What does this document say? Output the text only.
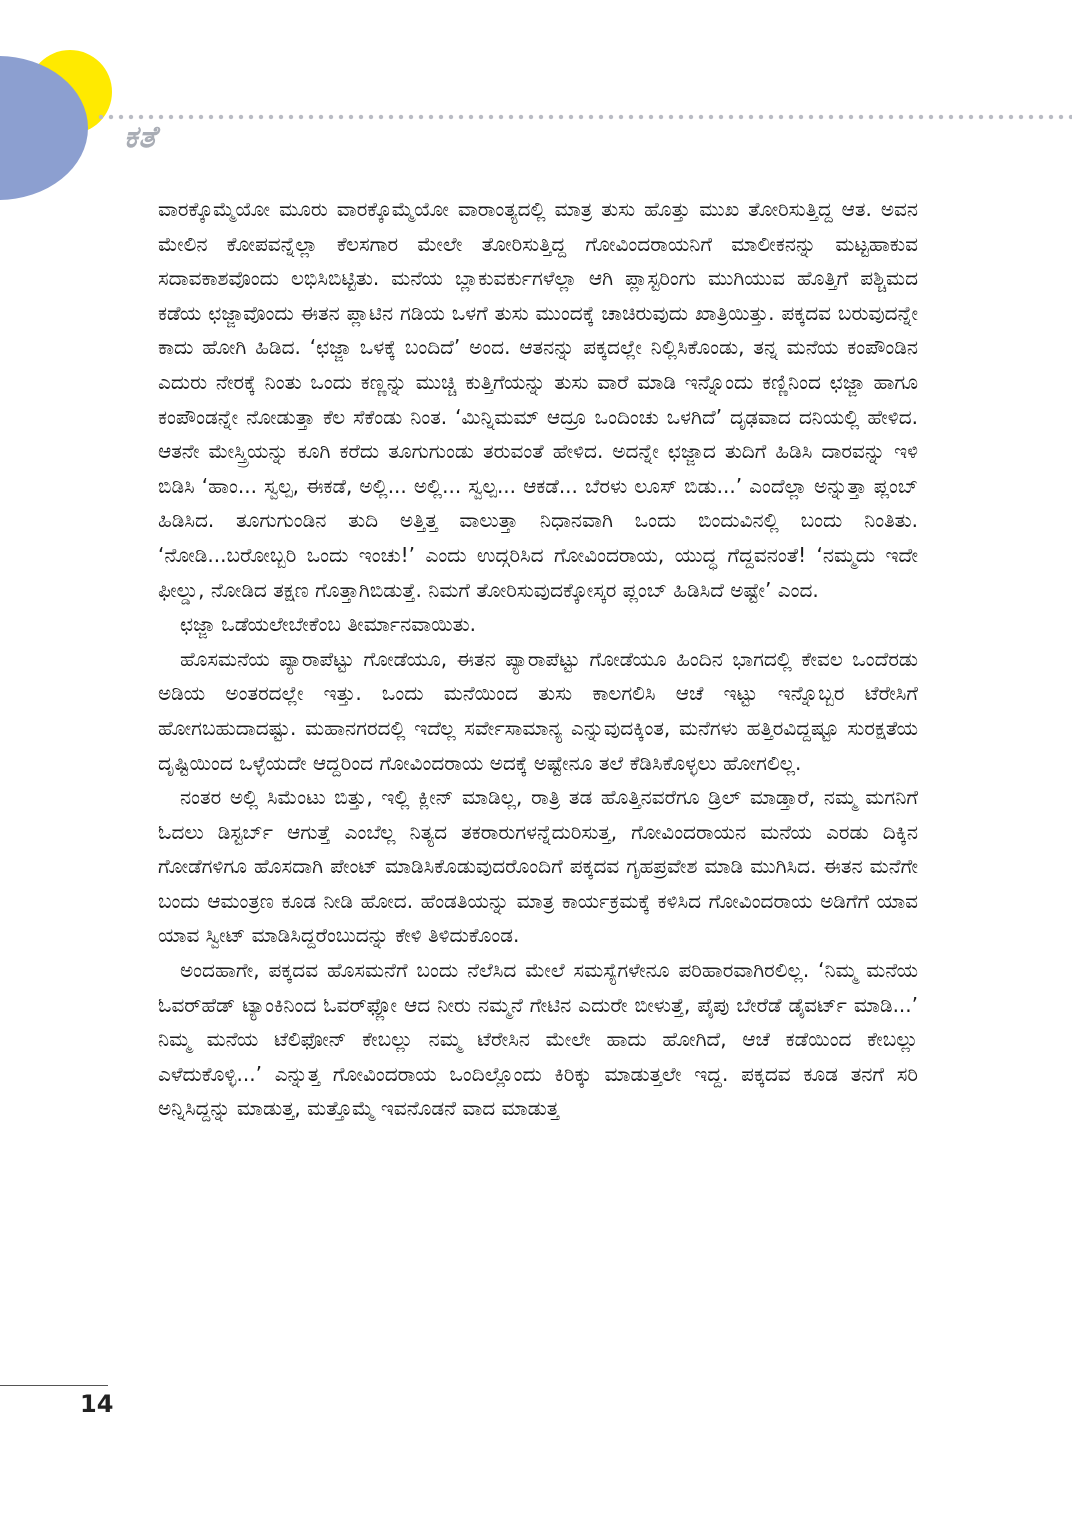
ಕತೆ

ವಾರಕ್ಕೊಮ್ಮೆಯೋ ಮೂರು ವಾರಕ್ಕೊಮ್ಮೆಯೋ ವಾರಾಂತ್ಯದಲ್ಲಿ ಮಾತ್ರ ತುಸು ಹೊತ್ತು ಮುಖ ತೋರಿಸುತ್ತಿದ್ದ ಆತ. ಅವನ ಮೇಲಿನ ಕೋಪವನ್ನೆಲ್ಲಾ ಕೆಲಸಗಾರ ಮೇಲೇ ತೋರಿಸುತ್ತಿದ್ದ ಗೋವಿಂದರಾಯನಿಗೆ ಮಾಲೀಕನನ್ನು ಮಟ್ಟಹಾಕುವ ಸದಾವಕಾಶವೊಂದು ಲಭಿಸಿಬಿಟ್ಟಿತು. ಮನೆಯ ಬ್ಲಾಕುವರ್ಕುಗಳೆಲ್ಲಾ ಆಗಿ ಪ್ಲಾಸ್ಟರಿಂಗು ಮುಗಿಯುವ ಹೊತ್ತಿಗೆ ಪಶ್ಚಿಮದ ಕಡೆಯ ಛಜ್ಜಾವೊಂದು ಈತನ ಪ್ಲಾಟಿನ ಗಡಿಯ ಒಳಗೆ ತುಸು ಮುಂದಕ್ಕೆ ಚಾಚಿರುವುದು ಖಾತ್ರಿಯಿತ್ತು. ಪಕ್ಕದವ ಬರುವುದನ್ನೇ ಕಾದು ಹೋಗಿ ಹಿಡಿದ. ‘ಛಜ್ಜಾ ಒಳಕ್ಕೆ ಬಂದಿದೆ’ ಅಂದ. ಆತನನ್ನು ಪಕ್ಕದಲ್ಲೇ ನಿಲ್ಲಿಸಿಕೊಂಡು, ತನ್ನ ಮನೆಯ ಕಂಪೌಂಡಿನ ಎದುರು ನೇರಕ್ಕೆ ನಿಂತು ಒಂದು ಕಣ್ಣನ್ನು ಮುಚ್ಚಿ ಕುತ್ತಿಗೆಯನ್ನು ತುಸು ವಾರೆ ಮಾಡಿ ಇನ್ನೊಂದು ಕಣ್ಣಿನಿಂದ ಛಜ್ಜಾ ಹಾಗೂ ಕಂಪೌಂಡನ್ನೇ ನೋಡುತ್ತಾ ಕೆಲ ಸೆಕೆಂಡು ನಿಂತ. ‘ಮಿನ್ನಿಮಮ್ ಆದ್ರೂ ಒಂದಿಂಚು ಒಳಗಿದೆ’ ದೃಢವಾದ ದನಿಯಲ್ಲಿ ಹೇಳಿದ. ಆತನೇ ಮೇಸ್ತ್ರಿಯನ್ನು ಕೂಗಿ ಕರೆದು ತೂಗುಗುಂಡು ತರುವಂತೆ ಹೇಳಿದ. ಅದನ್ನೇ ಛಜ್ಜಾದ ತುದಿಗೆ ಹಿಡಿಸಿ ದಾರವನ್ನು ಇಳಿ ಬಿಡಿಸಿ ‘ಹಾಂ... ಸ್ವಲ್ಪ, ಈಕಡೆ, ಅಲ್ಲಿ... ಅಲ್ಲಿ... ಸ್ವಲ್ಪ... ಆಕಡೆ... ಬೆರಳು ಲೂಸ್ ಬಿಡು...’ ಎಂದೆಲ್ಲಾ ಅನ್ನುತ್ತಾ ಪ್ಲಂಬ್ ಹಿಡಿಸಿದ. ತೂಗುಗುಂಡಿನ ತುದಿ ಅತ್ತಿತ್ತ ವಾಲುತ್ತಾ ನಿಧಾನವಾಗಿ ಒಂದು ಬಿಂದುವಿನಲ್ಲಿ ಬಂದು ನಿಂತಿತು. ‘ನೋಡಿ...ಬರೋಬ್ಬರಿ ಒಂದು ಇಂಚು!’ ಎಂದು ಉದ್ಗರಿಸಿದ ಗೋವಿಂದರಾಯ, ಯುದ್ಧ ಗೆದ್ದವನಂತೆ! ‘ನಮ್ಮದು ಇದೇ ಫೀಲ್ಡು, ನೋಡಿದ ತಕ್ಷಣ ಗೊತ್ತಾಗಿಬಿಡುತ್ತೆ. ನಿಮಗೆ ತೋರಿಸುವುದಕ್ಕೋಸ್ಕರ ಪ್ಲಂಬ್ ಹಿಡಿಸಿದೆ ಅಷ್ಟೇ’ ಎಂದ.

ಛಜ್ಜಾ ಒಡೆಯಲೇಬೇಕೆಂಬ ತೀರ್ಮಾನವಾಯಿತು.

ಹೊಸಮನೆಯ ಪ್ಯಾರಾಪೆಟ್ಟು ಗೋಡೆಯೂ, ಈತನ ಪ್ಯಾರಾಪೆಟ್ಟು ಗೋಡೆಯೂ ಹಿಂದಿನ ಭಾಗದಲ್ಲಿ ಕೇವಲ ಒಂದೆರಡು ಅಡಿಯ ಅಂತರದಲ್ಲೇ ಇತ್ತು. ಒಂದು ಮನೆಯಿಂದ ತುಸು ಕಾಲಗಲಿಸಿ ಆಚೆ ಇಟ್ಟು ಇನ್ನೊಬ್ಬರ ಟೆರೇಸಿಗೆ ಹೋಗಬಹುದಾದಷ್ಟು. ಮಹಾನಗರದಲ್ಲಿ ಇದೆಲ್ಲ ಸರ್ವೇಸಾಮಾನ್ಯ ಎನ್ನುವುದಕ್ಕಿಂತ, ಮನೆಗಳು ಹತ್ತಿರವಿದ್ದಷ್ಟೂ ಸುರಕ್ಷತೆಯ ದೃಷ್ಟಿಯಿಂದ ಒಳ್ಳೆಯದೇ ಆದ್ದರಿಂದ ಗೋವಿಂದರಾಯ ಅದಕ್ಕೆ ಅಷ್ಟೇನೂ ತಲೆ ಕೆಡಿಸಿಕೊಳ್ಳಲು ಹೋಗಲಿಲ್ಲ.

ನಂತರ ಅಲ್ಲಿ ಸಿಮೆಂಟು ಬಿತ್ತು, ಇಲ್ಲಿ ಕ್ಲೀನ್ ಮಾಡಿಲ್ಲ, ರಾತ್ರಿ ತಡ ಹೊತ್ತಿನವರೆಗೂ ಡ್ರಿಲ್ ಮಾಡ್ತಾರೆ, ನಮ್ಮ ಮಗನಿಗೆ ಓದಲು ಡಿಸ್ಟರ್ಬ್ ಆಗುತ್ತೆ ಎಂಬೆಲ್ಲ ನಿತ್ಯದ ತಕರಾರುಗಳನ್ನೆದುರಿಸುತ್ತ, ಗೋವಿಂದರಾಯನ ಮನೆಯ ಎರಡು ದಿಕ್ಕಿನ ಗೋಡೆಗಳಿಗೂ ಹೊಸದಾಗಿ ಪೇಂಟ್ ಮಾಡಿಸಿಕೊಡುವುದರೊಂದಿಗೆ ಪಕ್ಕದವ ಗೃಹಪ್ರವೇಶ ಮಾಡಿ ಮುಗಿಸಿದ. ಈತನ ಮನೆಗೇ ಬಂದು ಆಮಂತ್ರಣ ಕೂಡ ನೀಡಿ ಹೋದ. ಹೆಂಡತಿಯನ್ನು ಮಾತ್ರ ಕಾರ್ಯಕ್ರಮಕ್ಕೆ ಕಳಿಸಿದ ಗೋವಿಂದರಾಯ ಅಡಿಗೆಗೆ ಯಾವ ಯಾವ ಸ್ವೀಟ್ ಮಾಡಿಸಿದ್ದರೆಂಬುದನ್ನು ಕೇಳಿ ತಿಳಿದುಕೊಂಡ.

ಅಂದಹಾಗೇ, ಪಕ್ಕದವ ಹೊಸಮನೆಗೆ ಬಂದು ನೆಲೆಸಿದ ಮೇಲೆ ಸಮಸ್ಯೆಗಳೇನೂ ಪರಿಹಾರವಾಗಿರಲಿಲ್ಲ. ‘ನಿಮ್ಮ ಮನೆಯ ಓವರ್‌ಹೆಡ್ ಟ್ಯಾಂಕಿನಿಂದ ಓವರ್‌ಫ್ಲೋ ಆದ ನೀರು ನಮ್ಮನೆ ಗೇಟಿನ ಎದುರೇ ಬೀಳುತ್ತೆ, ಪೈಪು ಬೇರೆಡೆ ಡೈವರ್ಟ್ ಮಾಡಿ...’ ನಿಮ್ಮ ಮನೆಯ ಟೆಲಿಫೋನ್ ಕೇಬಲ್ಲು ನಮ್ಮ ಟೆರೇಸಿನ ಮೇಲೇ ಹಾದು ಹೋಗಿದೆ, ಆಚೆ ಕಡೆಯಿಂದ ಕೇಬಲ್ಲು ಎಳೆದುಕೊಳ್ಳಿ...’ ಎನ್ನುತ್ತ ಗೋವಿಂದರಾಯ ಒಂದಿಲ್ಲೊಂದು ಕಿರಿಕ್ಕು ಮಾಡುತ್ತಲೇ ಇದ್ದ. ಪಕ್ಕದವ ಕೂಡ ತನಗೆ ಸರಿ ಅನ್ನಿಸಿದ್ದನ್ನು ಮಾಡುತ್ತ, ಮತ್ತೊಮ್ಮೆ ಇವನೊಡನೆ ವಾದ ಮಾಡುತ್ತ

14
